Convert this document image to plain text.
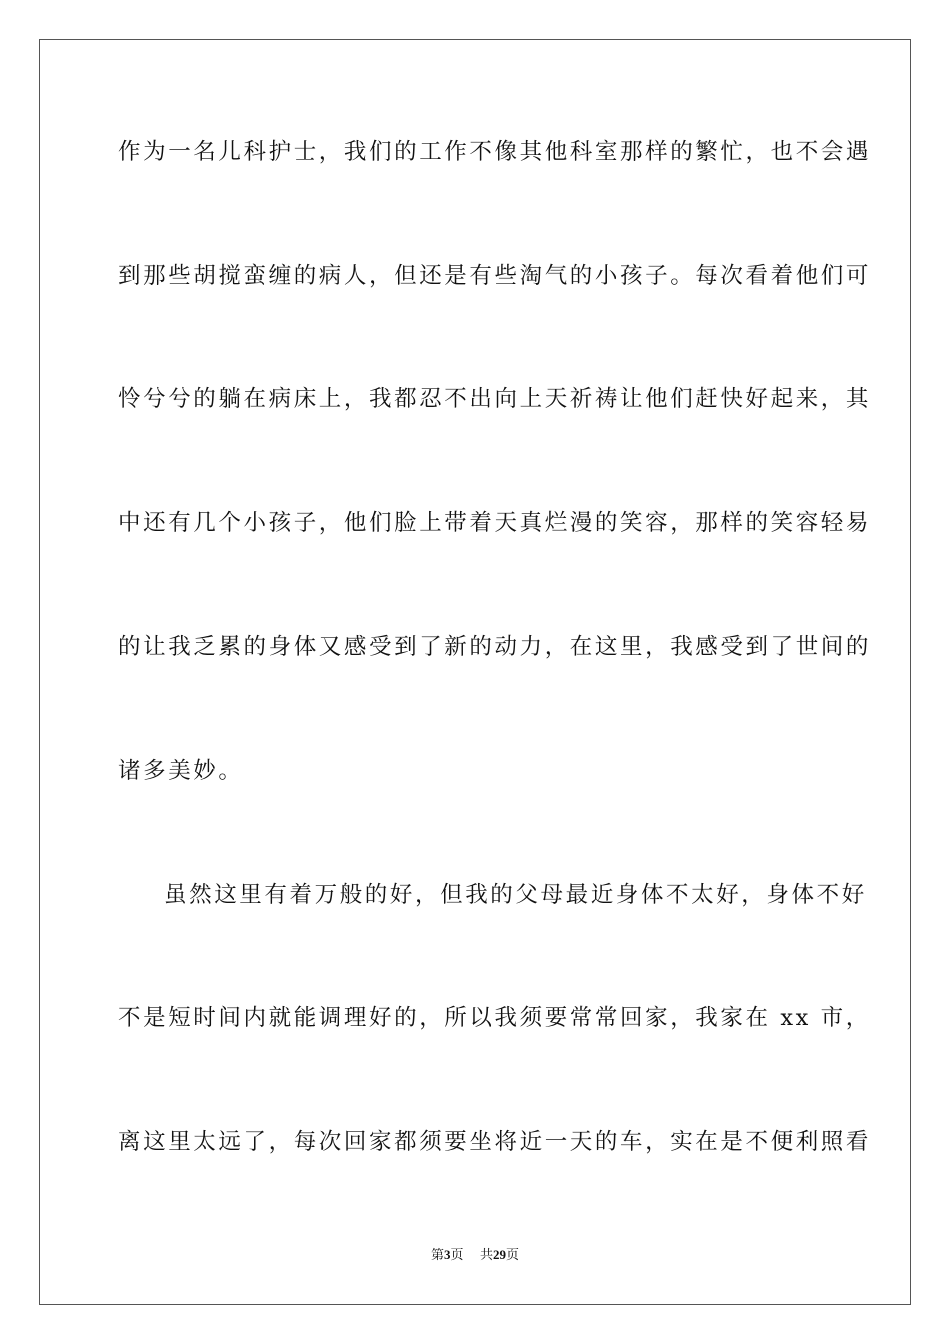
作为一名儿科护士，我们的工作不像其他科室那样的繁忙，也不会遇
到那些胡搅蛮缠的病人，但还是有些淘气的小孩子。每次看着他们可
怜兮兮的躺在病床上，我都忍不出向上天祈祷让他们赶快好起来，其
中还有几个小孩子，他们脸上带着天真烂漫的笑容，那样的笑容轻易
的让我乏累的身体又感受到了新的动力，在这里，我感受到了世间的
诸多美妙。
虽然这里有着万般的好，但我的父母最近身体不太好，身体不好
不是短时间内就能调理好的，所以我须要常常回家，我家在 xx 市，
离这里太远了，每次回家都须要坐将近一天的车，实在是不便利照看
第3页 共29页
